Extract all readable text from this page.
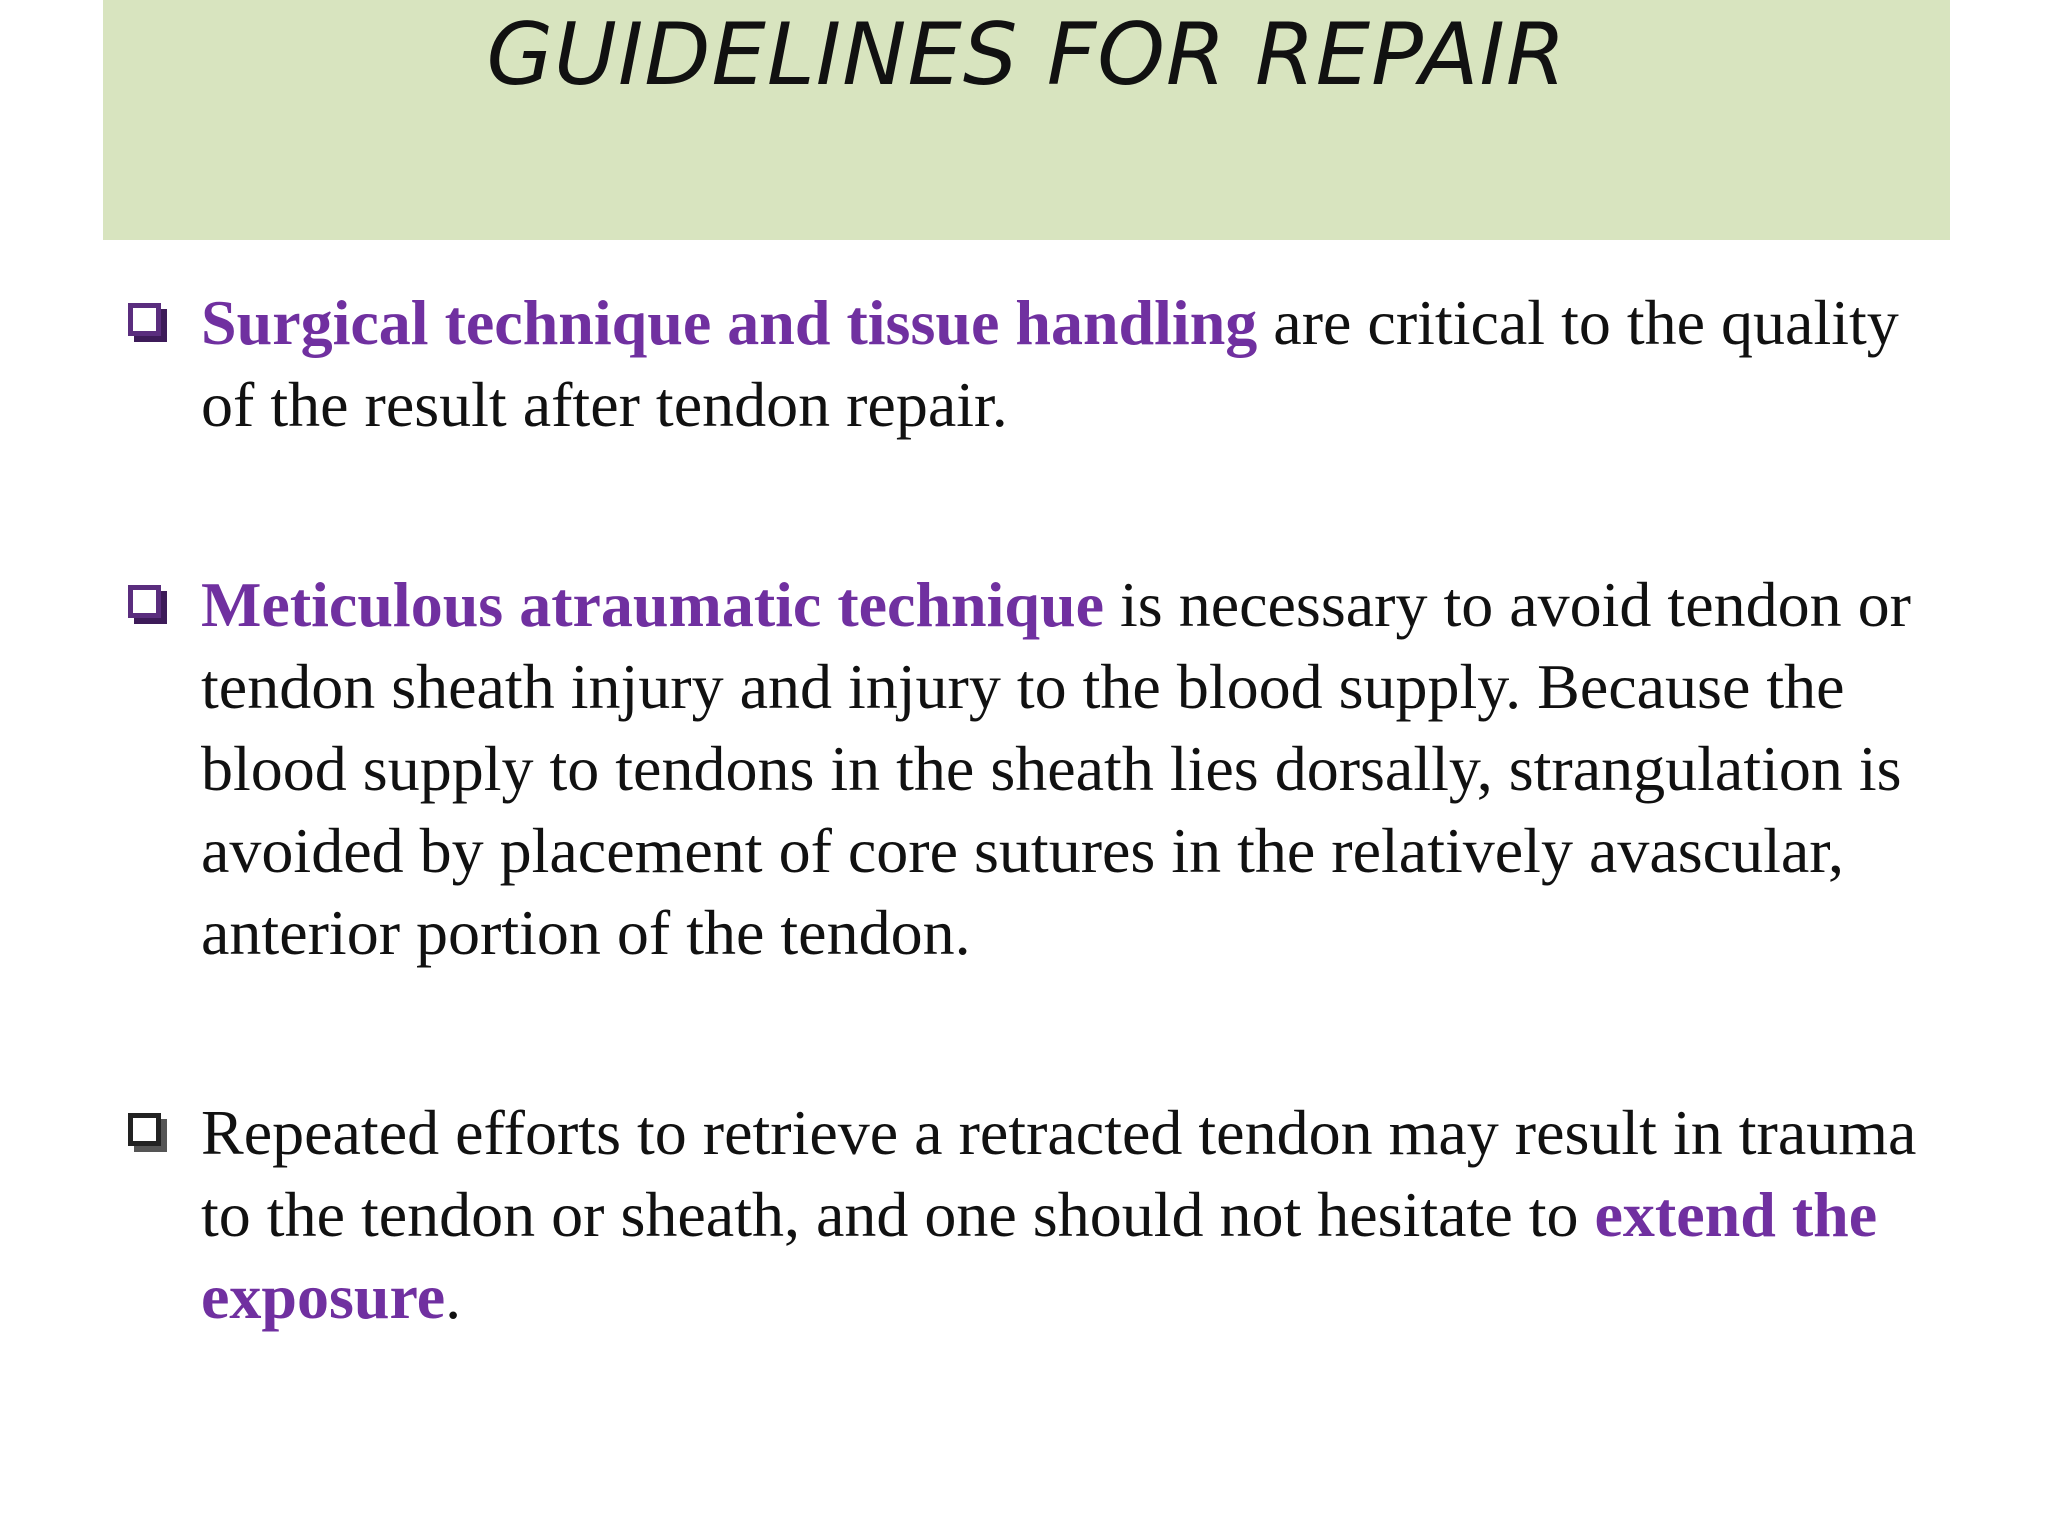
GUIDELINES FOR REPAIR
Surgical technique and tissue handling are critical to the quality of the result after tendon repair.
Meticulous atraumatic technique is necessary to avoid tendon or tendon sheath injury and injury to the blood supply. Because the blood supply to tendons in the sheath lies dorsally, strangulation is avoided by placement of core sutures in the relatively avascular, anterior portion of the tendon.
Repeated efforts to retrieve a retracted tendon may result in trauma to the tendon or sheath, and one should not hesitate to extend the exposure.
